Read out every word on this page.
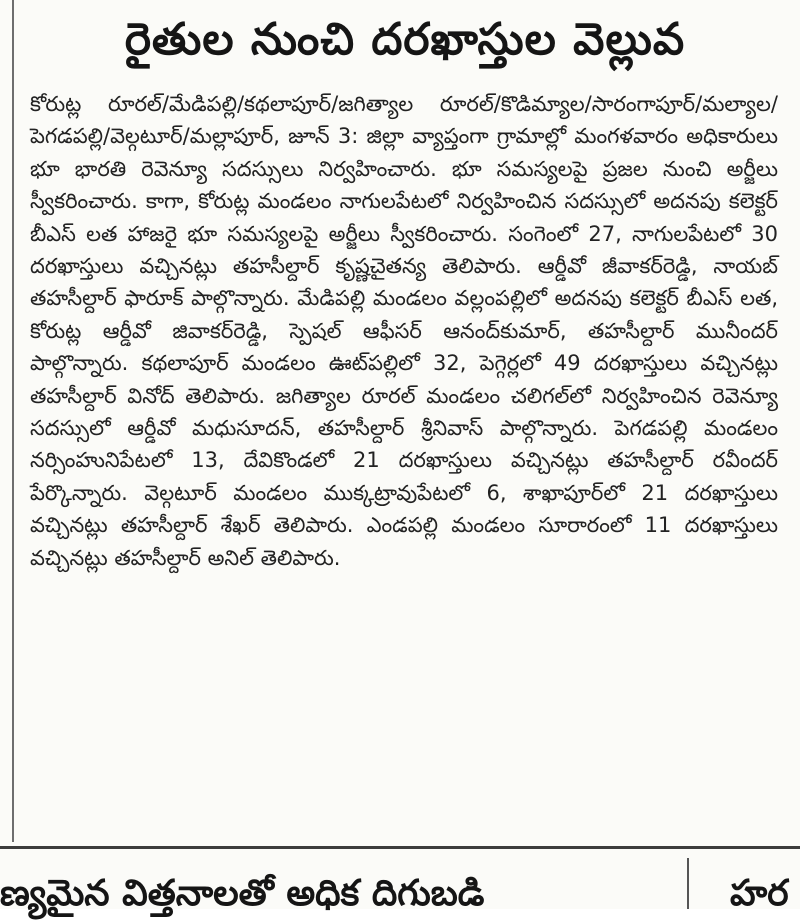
రైతుల నుంచి దరఖాస్తుల వెల్లువ

కోరుట్ల రూరల్/మేడిపల్లి/కథలాపూర్/జగిత్యాల రూరల్/కొడిమ్యాల/సారంగాపూర్/మల్యాల/పెగడపల్లి/వెల్గటూర్/మల్లాపూర్, జూన్ 3: జిల్లా వ్యాప్తంగా గ్రామాల్లో మంగళవారం అధికారులు భూ భారతి రెవెన్యూ సదస్సులు నిర్వహించారు. భూ సమస్యలపై ప్రజల నుంచి అర్జీలు స్వీకరించారు. కాగా, కోరుట్ల మండలం నాగులపేటలో నిర్వహించిన సదస్సులో అదనపు కలెక్టర్ బీఎస్ లత హాజరై భూ సమస్యలపై అర్జీలు స్వీకరించారు. సంగెంలో 27, నాగులపేటలో 30 దరఖాస్తులు వచ్చినట్లు తహసీల్దార్ కృష్ణచైతన్య తెలిపారు. ఆర్డీవో జీవాకర్‌రెడ్డి, నాయబ్ తహసీల్దార్ ఫారూక్ పాల్గొన్నారు. మేడిపల్లి మండలం వల్లంపల్లిలో అదనపు కలెక్టర్ బీఎస్ లత, కోరుట్ల ఆర్డీవో జివాకర్‌రెడ్డి, స్పెషల్ ఆఫీసర్ ఆనంద్‌కుమార్, తహసీల్దార్ మునీందర్ పాల్గొన్నారు. కథలాపూర్ మండలం ఊట్‌పల్లిలో 32, పెగ్గెర్లలో 49 దరఖాస్తులు వచ్చినట్లు తహసీల్దార్ వినోద్ తెలిపారు. జగిత్యాల రూరల్ మండలం చలిగల్‌లో నిర్వహించిన రెవెన్యూ సదస్సులో ఆర్డీవో మధుసూదన్, తహసీల్దార్ శ్రీనివాస్ పాల్గొన్నారు. పెగడపల్లి మండలం నర్సింహునిపేటలో 13, దేవికొండలో 21 దరఖాస్తులు వచ్చినట్లు తహసీల్దార్ రవీందర్ పేర్కొన్నారు. వెల్గటూర్ మండలం ముక్కట్రావుపేటలో 6, శాఖాపూర్‌లో 21 దరఖాస్తులు వచ్చినట్లు తహసీల్దార్ శేఖర్ తెలిపారు. ఎండపల్లి మండలం సూరారంలో 11 దరఖాస్తులు వచ్చినట్లు తహసీల్దార్ అనిల్ తెలిపారు.

ణ్యమైన విత్తనాలతో అధిక దిగుబడి	హర
